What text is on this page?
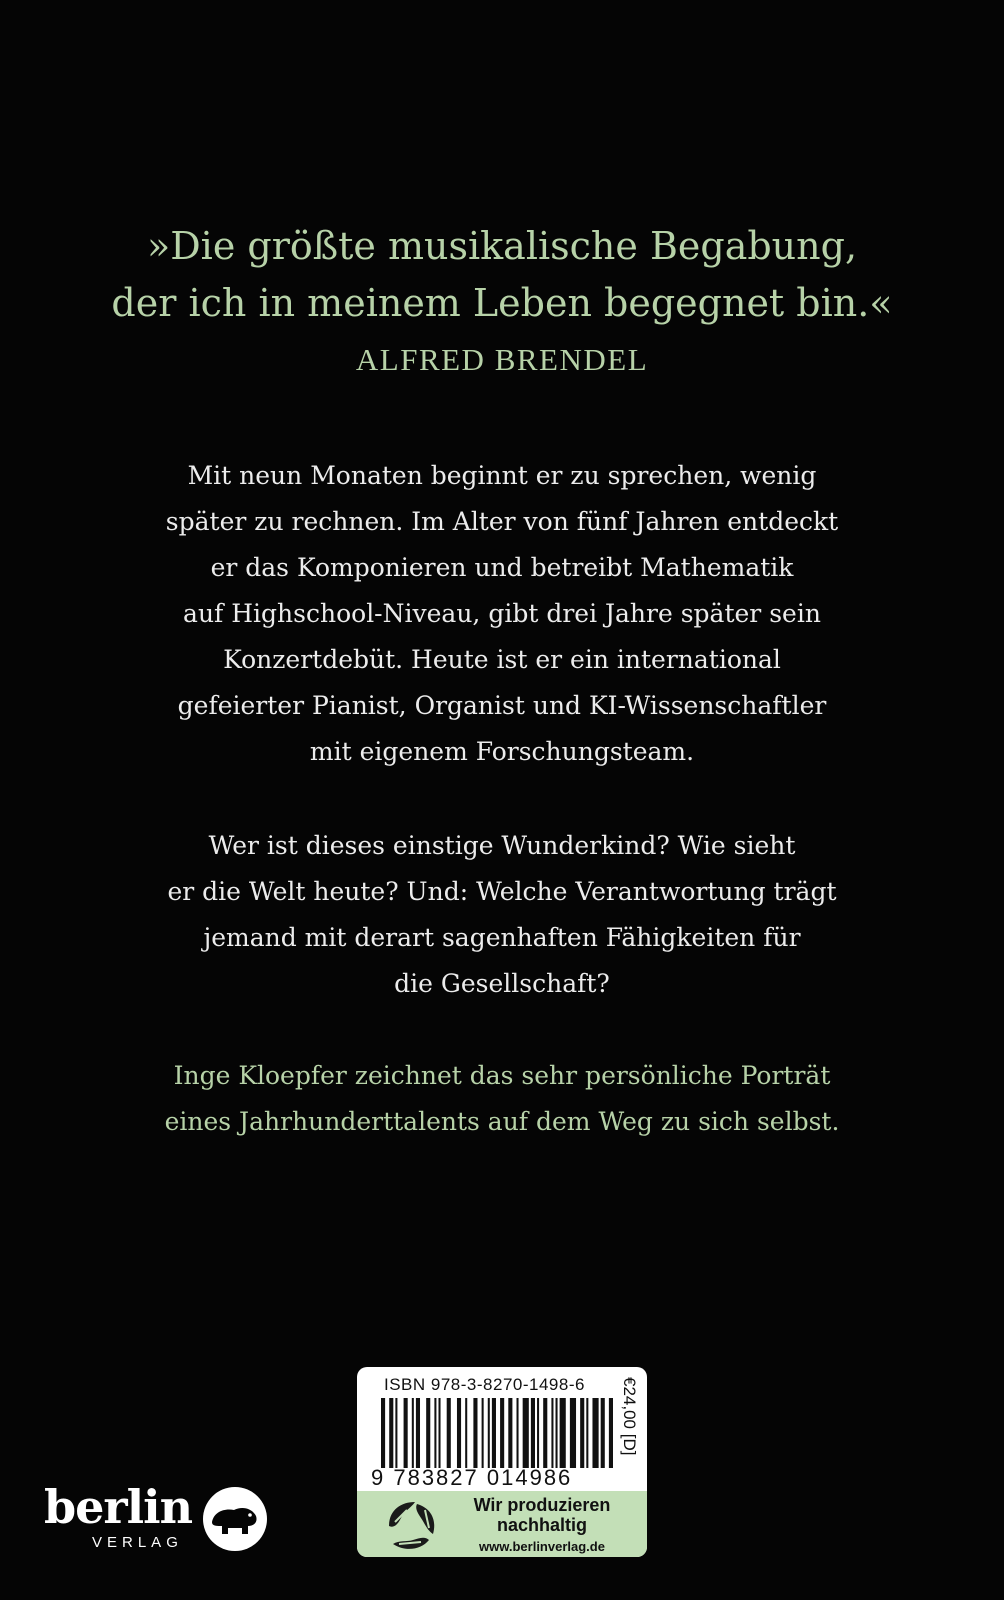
»Die größte musikalische Begabung,
der ich in meinem Leben begegnet bin.«
ALFRED BRENDEL
Mit neun Monaten beginnt er zu sprechen, wenig
später zu rechnen. Im Alter von fünf Jahren entdeckt
er das Komponieren und betreibt Mathematik
auf Highschool-Niveau, gibt drei Jahre später sein
Konzertdebüt. Heute ist er ein international
gefeierter Pianist, Organist und KI-Wissenschaftler
mit eigenem Forschungsteam.
Wer ist dieses einstige Wunderkind? Wie sieht
er die Welt heute? Und: Welche Verantwortung trägt
jemand mit derart sagenhaften Fähigkeiten für
die Gesellschaft?
Inge Kloepfer zeichnet das sehr persönliche Porträt
eines Jahrhunderttalents auf dem Weg zu sich selbst.
ISBN 978-3-8270-1498-6
9 783827 014986
€24,00 [D]
Wir produzieren
nachhaltig
www.berlinverlag.de
berlin
VERLAG
